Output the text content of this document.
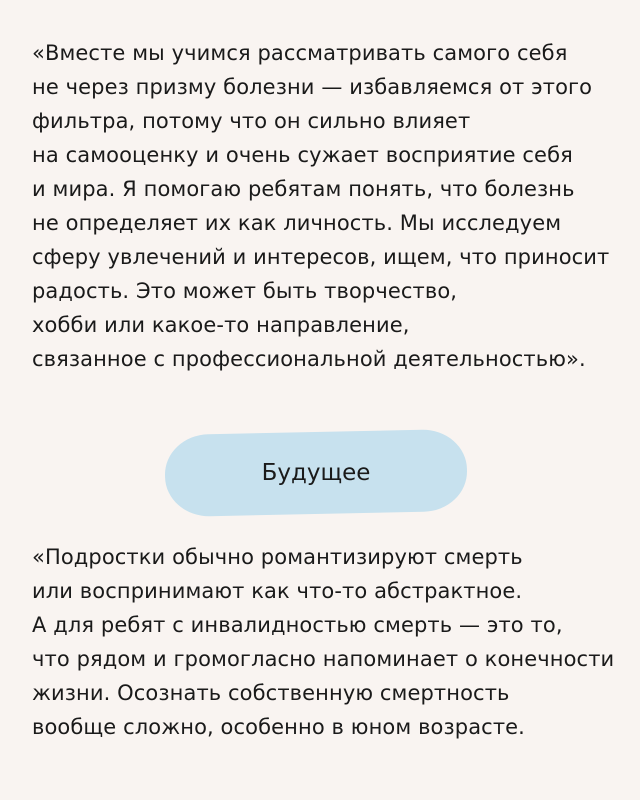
«Вместе мы учимся рассматривать самого себя
не через призму болезни — избавляемся от этого
фильтра, потому что он сильно влияет
на самооценку и очень сужает восприятие себя
и мира. Я помогаю ребятам понять, что болезнь
не определяет их как личность. Мы исследуем
сферу увлечений и интересов, ищем, что приносит
радость. Это может быть творчество,
хобби или какое-то направление,
связанное с профессиональной деятельностью».
Будущее
«Подростки обычно романтизируют смерть
или воспринимают как что-то абстрактное.
А для ребят с инвалидностью смерть — это то,
что рядом и громогласно напоминает о конечности
жизни. Осознать собственную смертность
вообще сложно, особенно в юном возрасте.
